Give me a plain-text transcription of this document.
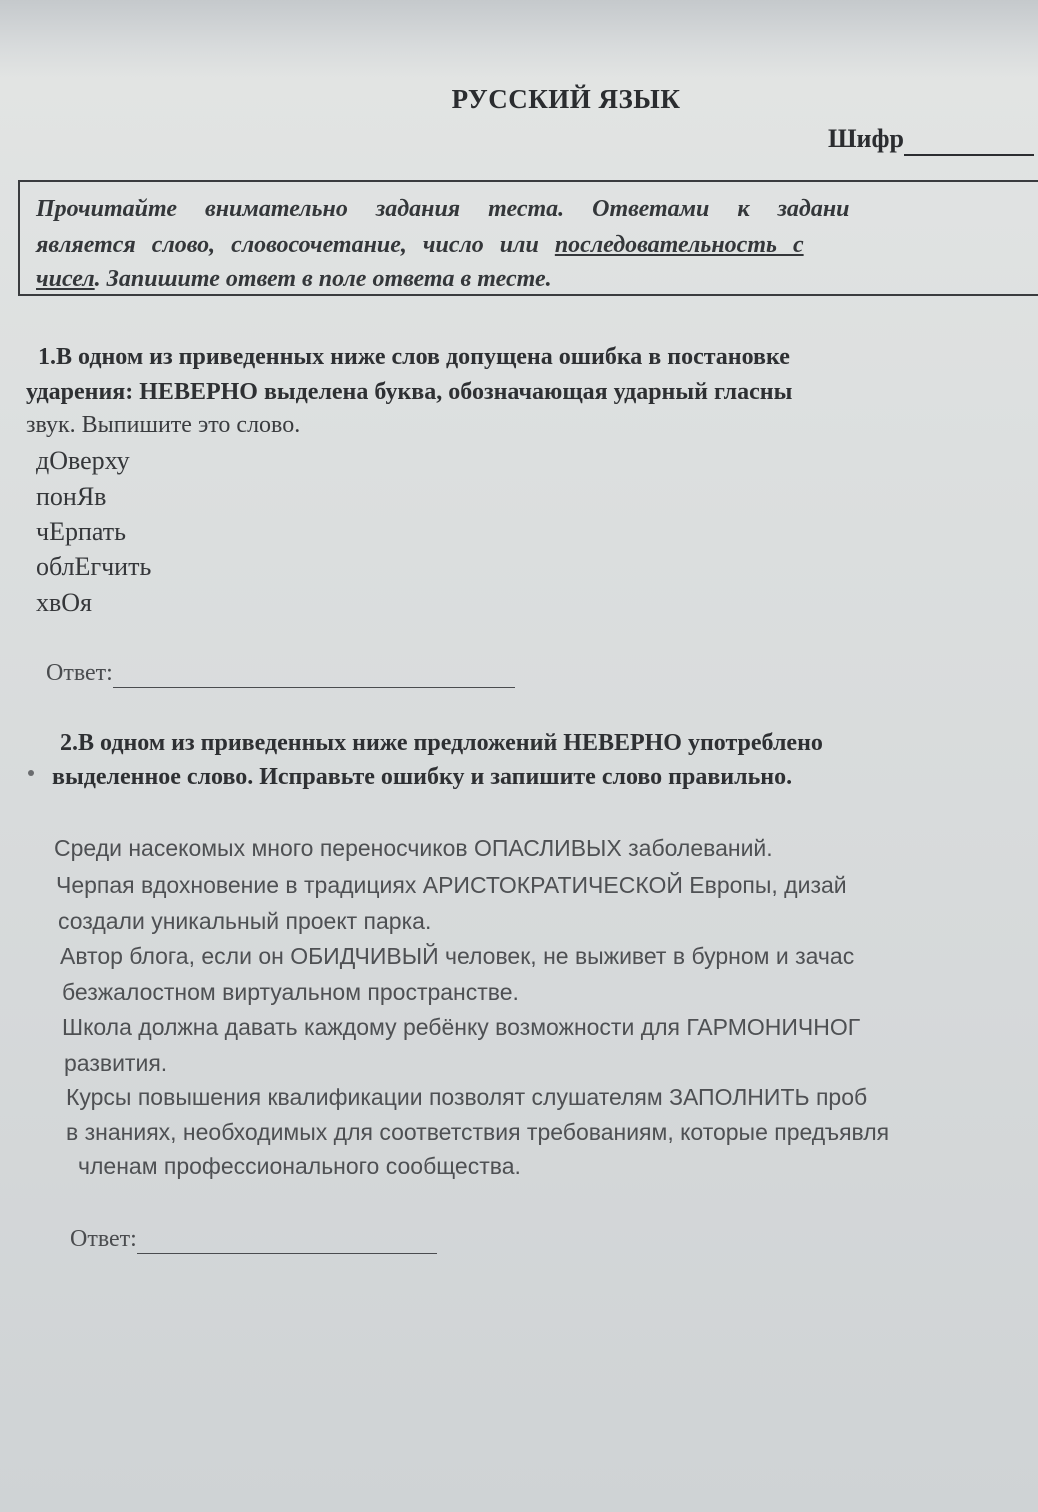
РУССКИЙ ЯЗЫК
Шифр
Прочитайте внимательно задания теста. Ответами к задани
является слово, словосочетание, число или последовательность с
чисел. Запишите ответ в поле ответа в тесте.
1.В одном из приведенных ниже слов допущена ошибка в постановке
ударения: НЕВЕРНО выделена буква, обозначающая ударный гласны
звук. Выпишите это слово.
дОверху
понЯв
чЕрпать
облЕгчить
хвОя
Ответ:
2.В одном из приведенных ниже предложений НЕВЕРНО употреблено
выделенное слово. Исправьте ошибку и запишите слово правильно.
Среди насекомых много переносчиков ОПАСЛИВЫХ заболеваний.
Черпая вдохновение в традициях АРИСТОКРАТИЧЕСКОЙ Европы, дизай
создали уникальный проект парка.
Автор блога, если он ОБИДЧИВЫЙ человек, не выживет в бурном и зачас
безжалостном виртуальном пространстве.
Школа должна давать каждому ребёнку возможности для ГАРМОНИЧНОГ
развития.
Курсы повышения квалификации позволят слушателям ЗАПОЛНИТЬ проб
в знаниях, необходимых для соответствия требованиям, которые предъявля
членам профессионального сообщества.
Ответ:
